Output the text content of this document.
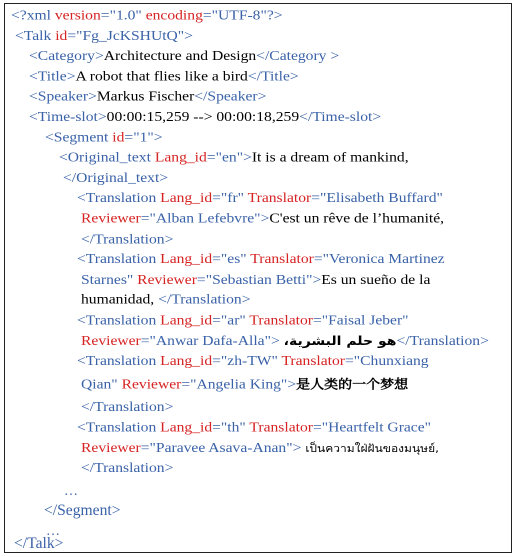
<?xml version="1.0" encoding="UTF-8"?>
<Talk id="Fg_JcKSHUtQ">
<Category>Architecture and Design</Category >
<Title>A robot that flies like a bird</Title>
<Speaker>Markus Fischer</Speaker>
<Time-slot>00:00:15,259 --> 00:00:18,259</Time-slot>
<Segment id="1">
<Original_text Lang_id="en">It is a dream of mankind,
</Original_text>
<Translation Lang_id="fr" Translator="Elisabeth Buffard"
Reviewer="Alban Lefebvre">C'est un rêve de l’humanité,
</Translation>
<Translation Lang_id="es" Translator="Veronica Martinez
Starnes" Reviewer="Sebastian Betti">Es un sueño de la
humanidad, </Translation>
<Translation Lang_id="ar" Translator="Faisal Jeber"
Reviewer="Anwar Dafa-Alla"> هو حلم البشرية،</Translation>
<Translation Lang_id="zh-TW" Translator="Chunxiang
Qian" Reviewer="Angelia King">是人类的一个梦想
</Translation>
<Translation Lang_id="th" Translator="Heartfelt Grace"
Reviewer="Paravee Asava-Anan"> เป็นความใฝ่ฝันของมนุษย์,
</Translation>
…
</Segment>
…
</Talk>
